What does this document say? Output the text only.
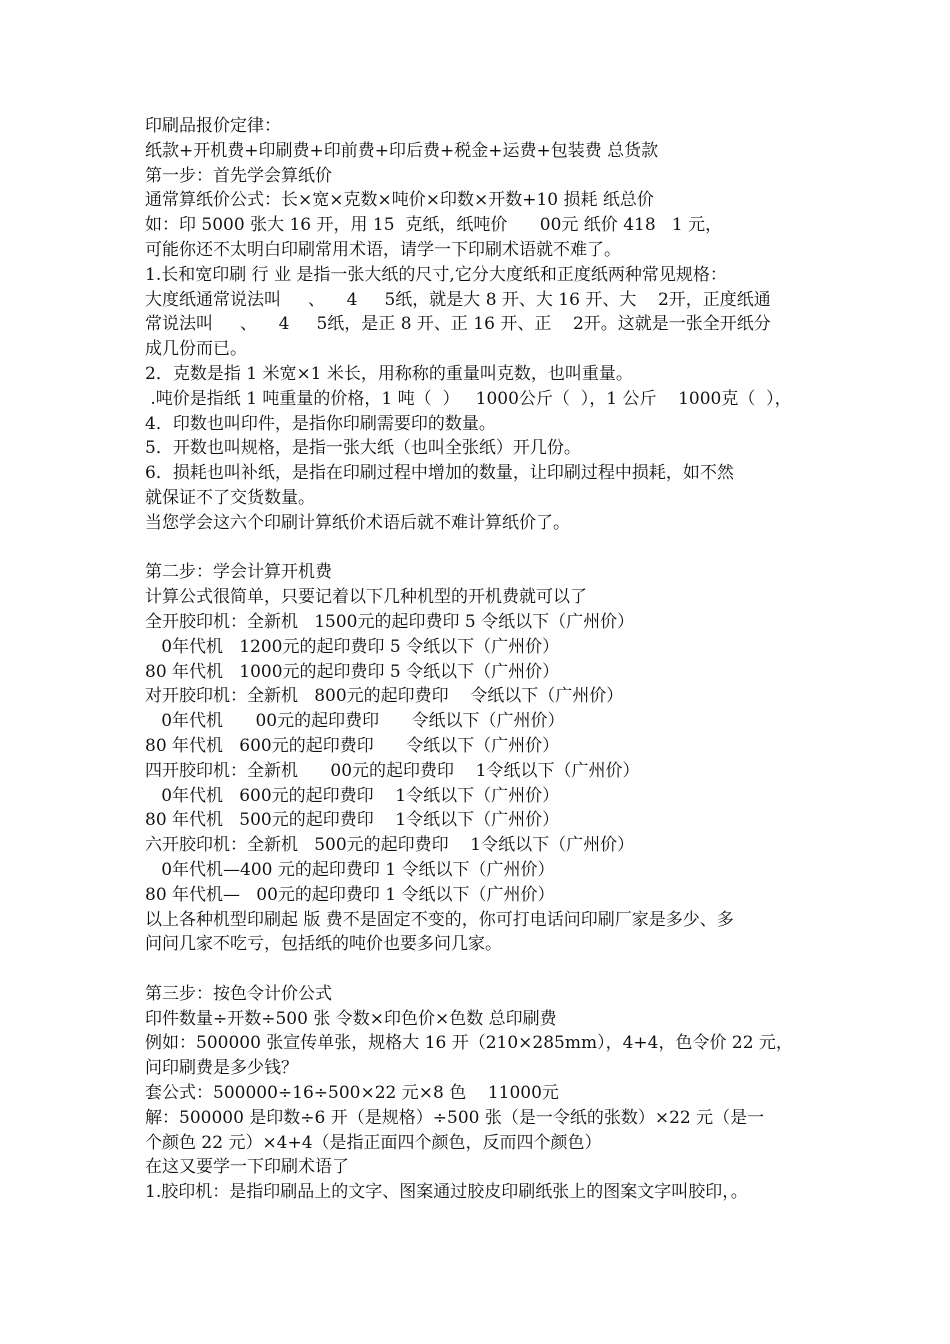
印刷品报价定律：
纸款+开机费+印刷费+印前费+印后费+税金+运费+包装费 总货款
第一步：首先学会算纸价
通常算纸价公式：长×宽×克数×吨价×印数×开数+10 损耗 纸总价
如：印 5000 张大 16 开，用 15  克纸，纸吨价      00元 纸价 418   1 元，
可能你还不太明白印刷常用术语，请学一下印刷术语就不难了。
1.长和宽印刷 行 业 是指一张大纸的尺寸,它分大度纸和正度纸两种常见规格：
大度纸通常说法叫     、    4     5纸，就是大 8 开、大 16 开、大    2开，正度纸通
常说法叫     、    4     5纸，是正 8 开、正 16 开、正    2开。这就是一张全开纸分
成几份而已。
2．克数是指 1 米宽×1 米长，用称称的重量叫克数，也叫重量。
.吨价是指纸 1 吨重量的价格，1 吨（  ）   1000公斤（  ），1 公斤    1000克（  ），
4．印数也叫印件，是指你印刷需要印的数量。
5．开数也叫规格，是指一张大纸（也叫全张纸）开几份。
6．损耗也叫补纸，是指在印刷过程中增加的数量，让印刷过程中损耗，如不然
就保证不了交货数量。
当您学会这六个印刷计算纸价术语后就不难计算纸价了。
第二步：学会计算开机费
计算公式很简单，只要记着以下几种机型的开机费就可以了
全开胶印机：全新机   1500元的起印费印 5 令纸以下（广州价）
0年代机   1200元的起印费印 5 令纸以下（广州价）
80 年代机   1000元的起印费印 5 令纸以下（广州价）
对开胶印机：全新机   800元的起印费印    令纸以下（广州价）
0年代机      00元的起印费印      令纸以下（广州价）
80 年代机   600元的起印费印      令纸以下（广州价）
四开胶印机：全新机      00元的起印费印    1令纸以下（广州价）
0年代机   600元的起印费印    1令纸以下（广州价）
80 年代机   500元的起印费印    1令纸以下（广州价）
六开胶印机：全新机   500元的起印费印    1令纸以下（广州价）
0年代机—400 元的起印费印 1 令纸以下（广州价）
80 年代机—   00元的起印费印 1 令纸以下（广州价）
以上各种机型印刷起 版 费不是固定不变的，你可打电话问印刷厂家是多少、多
问问几家不吃亏，包括纸的吨价也要多问几家。
第三步：按色令计价公式
印件数量÷开数÷500 张 令数×印色价×色数 总印刷费
例如：500000 张宣传单张，规格大 16 开（210×285mm），4+4，色令价 22 元，
问印刷费是多少钱？
套公式：500000÷16÷500×22 元×8 色    11000元
解：500000 是印数÷6 开（是规格）÷500 张（是一令纸的张数）×22 元（是一
个颜色 22 元）×4+4（是指正面四个颜色，反而四个颜色）
在这又要学一下印刷术语了
1.胶印机：是指印刷品上的文字、图案通过胶皮印刷纸张上的图案文字叫胶印，。
